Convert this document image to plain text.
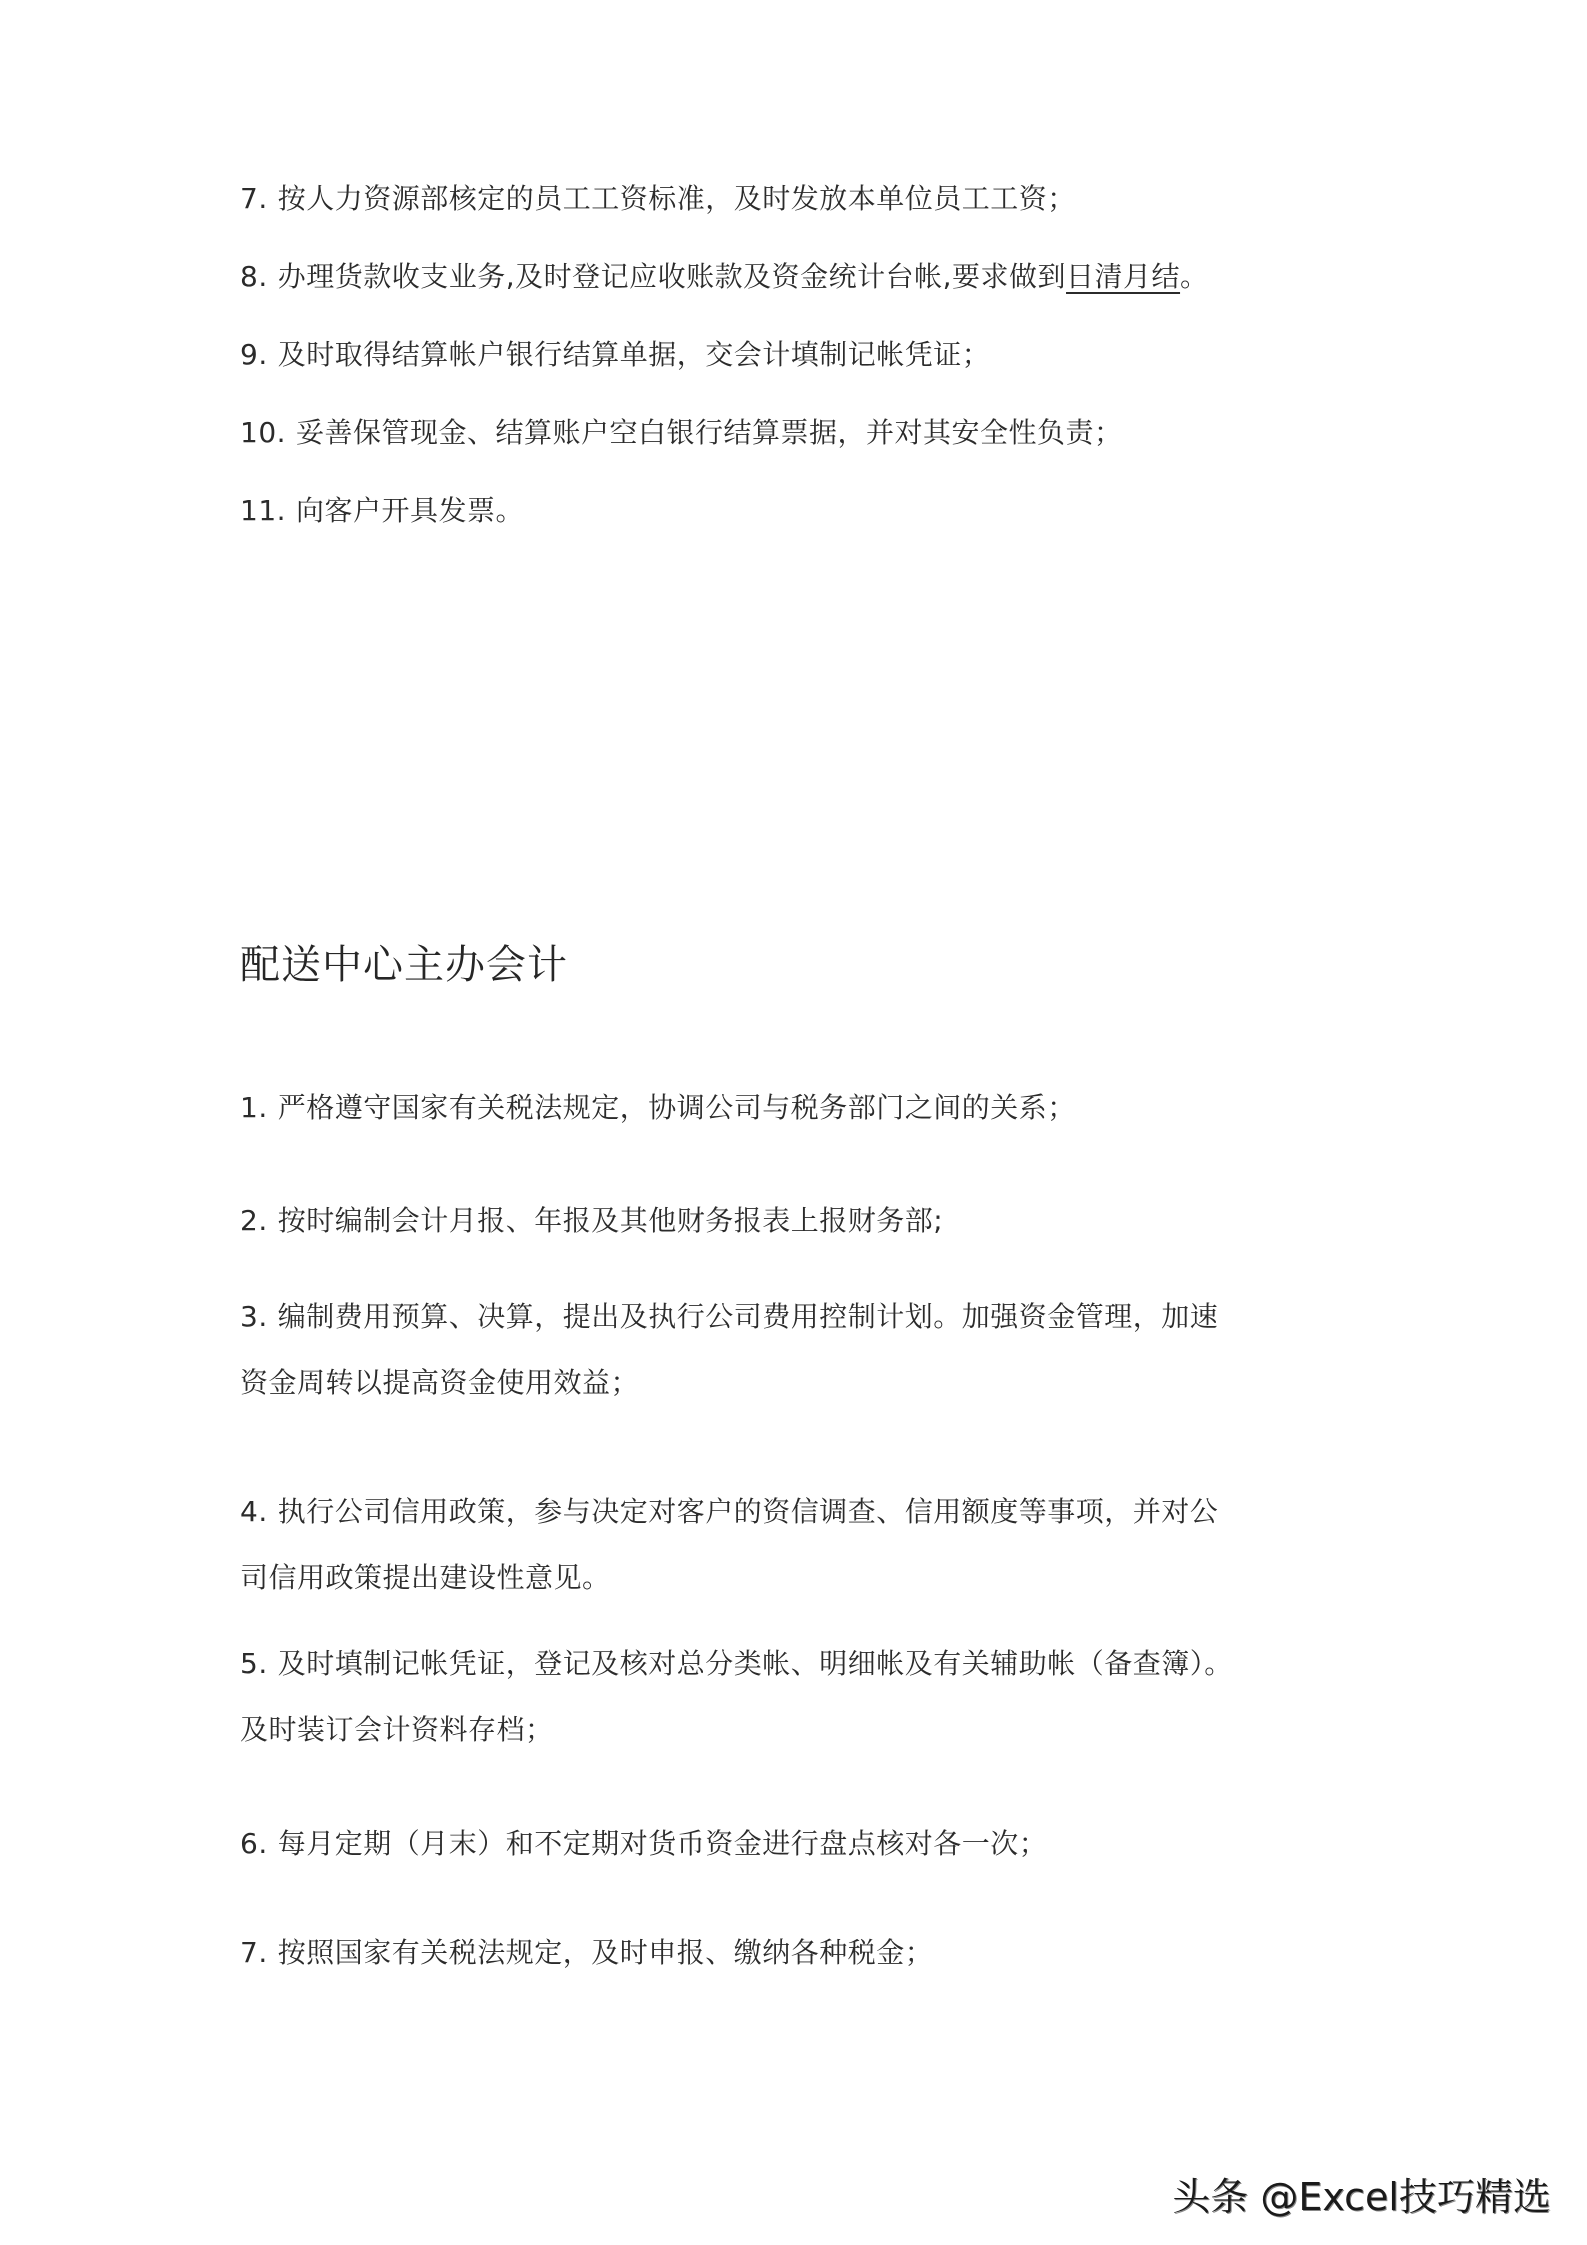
7. 按人力资源部核定的员工工资标准，及时发放本单位员工工资；
8. 办理货款收支业务,及时登记应收账款及资金统计台帐,要求做到日清月结。
9. 及时取得结算帐户银行结算单据，交会计填制记帐凭证；
10. 妥善保管现金、结算账户空白银行结算票据，并对其安全性负责；
11. 向客户开具发票。
配送中心主办会计
1. 严格遵守国家有关税法规定，协调公司与税务部门之间的关系；
2. 按时编制会计月报、年报及其他财务报表上报财务部;
3. 编制费用预算、决算，提出及执行公司费用控制计划。加强资金管理，加速
资金周转以提高资金使用效益；
4. 执行公司信用政策，参与决定对客户的资信调查、信用额度等事项，并对公
司信用政策提出建设性意见。
5. 及时填制记帐凭证，登记及核对总分类帐、明细帐及有关辅助帐（备查簿）。
及时装订会计资料存档；
6. 每月定期（月末）和不定期对货币资金进行盘点核对各一次；
7. 按照国家有关税法规定，及时申报、缴纳各种税金；
头条 @Excel技巧精选
